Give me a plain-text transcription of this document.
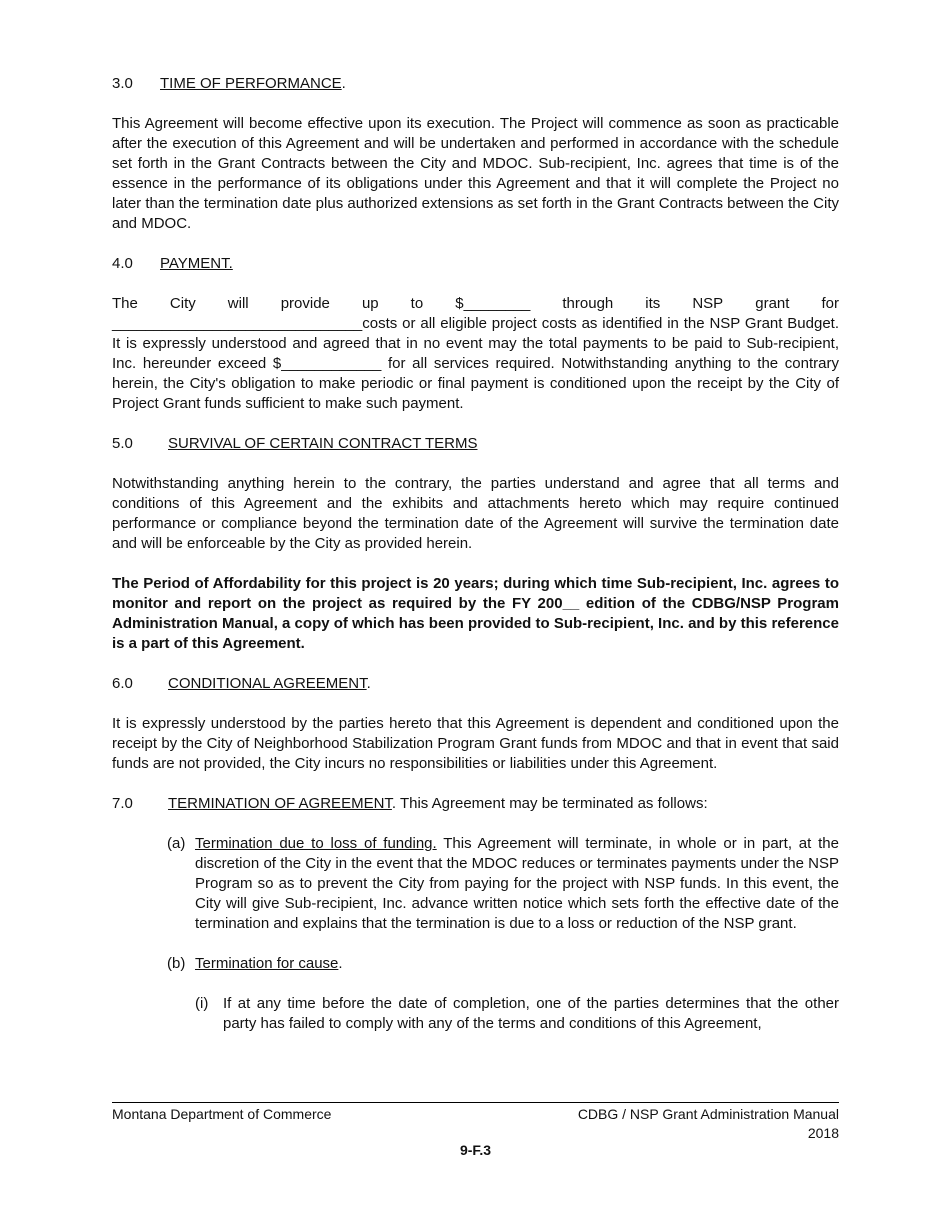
3.0 TIME OF PERFORMANCE.

This Agreement will become effective upon its execution. The Project will commence as soon as practicable after the execution of this Agreement and will be undertaken and performed in accordance with the schedule set forth in the Grant Contracts between the City and MDOC. Sub-recipient, Inc. agrees that time is of the essence in the performance of its obligations under this Agreement and that it will complete the Project no later than the termination date plus authorized extensions as set forth in the Grant Contracts between the City and MDOC.

4.0 PAYMENT.

The City will provide up to $________ through its NSP grant for

______________________________costs or all eligible project costs as identified in the NSP Grant Budget. It is expressly understood and agreed that in no event may the total payments to be paid to Sub-recipient, Inc. hereunder exceed $____________ for all services required. Notwithstanding anything to the contrary herein, the City's obligation to make periodic or final payment is conditioned upon the receipt by the City of Project Grant funds sufficient to make such payment.

5.0 SURVIVAL OF CERTAIN CONTRACT TERMS

Notwithstanding anything herein to the contrary, the parties understand and agree that all terms and conditions of this Agreement and the exhibits and attachments hereto which may require continued performance or compliance beyond the termination date of the Agreement will survive the termination date and will be enforceable by the City as provided herein.

The Period of Affordability for this project is 20 years; during which time Sub-recipient, Inc. agrees to monitor and report on the project as required by the FY 200__ edition of the CDBG/NSP Program Administration Manual, a copy of which has been provided to Sub-recipient, Inc. and by this reference is a part of this Agreement.

6.0 CONDITIONAL AGREEMENT.

It is expressly understood by the parties hereto that this Agreement is dependent and conditioned upon the receipt by the City of Neighborhood Stabilization Program Grant funds from MDOC and that in event that said funds are not provided, the City incurs no responsibilities or liabilities under this Agreement.

7.0 TERMINATION OF AGREEMENT. This Agreement may be terminated as follows:

(a) Termination due to loss of funding. This Agreement will terminate, in whole or in part, at the discretion of the City in the event that the MDOC reduces or terminates payments under the NSP Program so as to prevent the City from paying for the project with NSP funds. In this event, the City will give Sub-recipient, Inc. advance written notice which sets forth the effective date of the termination and explains that the termination is due to a loss or reduction of the NSP grant.
(b) Termination for cause.
(i) If at any time before the date of completion, one of the parties determines that the other party has failed to comply with any of the terms and conditions of this Agreement,
Montana Department of Commerce	CDBG / NSP Grant Administration Manual
2018
9-F.3
